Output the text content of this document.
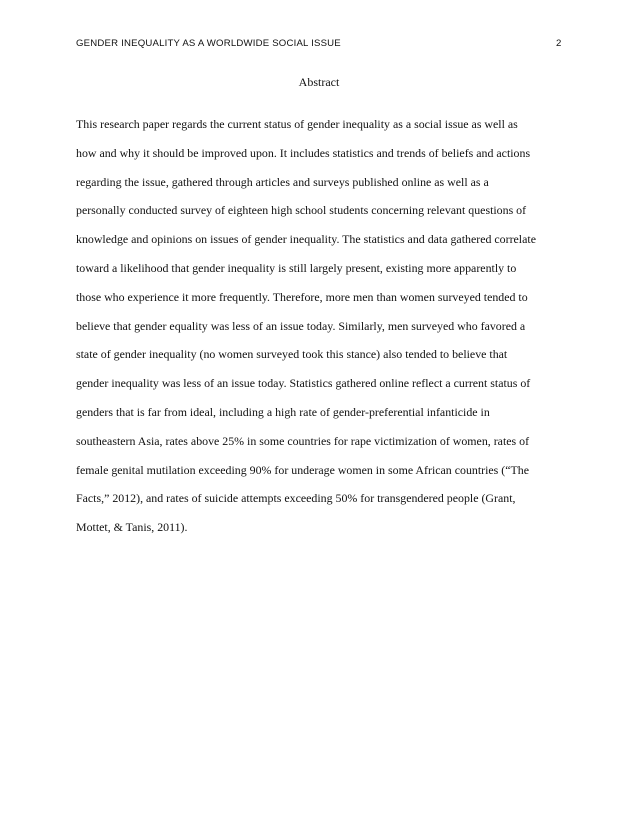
GENDER INEQUALITY AS A WORLDWIDE SOCIAL ISSUE	2
Abstract
This research paper regards the current status of gender inequality as a social issue as well as
how and why it should be improved upon. It includes statistics and trends of beliefs and actions
regarding the issue, gathered through articles and surveys published online as well as a
personally conducted survey of eighteen high school students concerning relevant questions of
knowledge and opinions on issues of gender inequality. The statistics and data gathered correlate
toward a likelihood that gender inequality is still largely present, existing more apparently to
those who experience it more frequently. Therefore, more men than women surveyed tended to
believe that gender equality was less of an issue today. Similarly, men surveyed who favored a
state of gender inequality (no women surveyed took this stance) also tended to believe that
gender inequality was less of an issue today. Statistics gathered online reflect a current status of
genders that is far from ideal, including a high rate of gender-preferential infanticide in
southeastern Asia, rates above 25% in some countries for rape victimization of women, rates of
female genital mutilation exceeding 90% for underage women in some African countries (“The
Facts,” 2012), and rates of suicide attempts exceeding 50% for transgendered people (Grant,
Mottet, & Tanis, 2011).
